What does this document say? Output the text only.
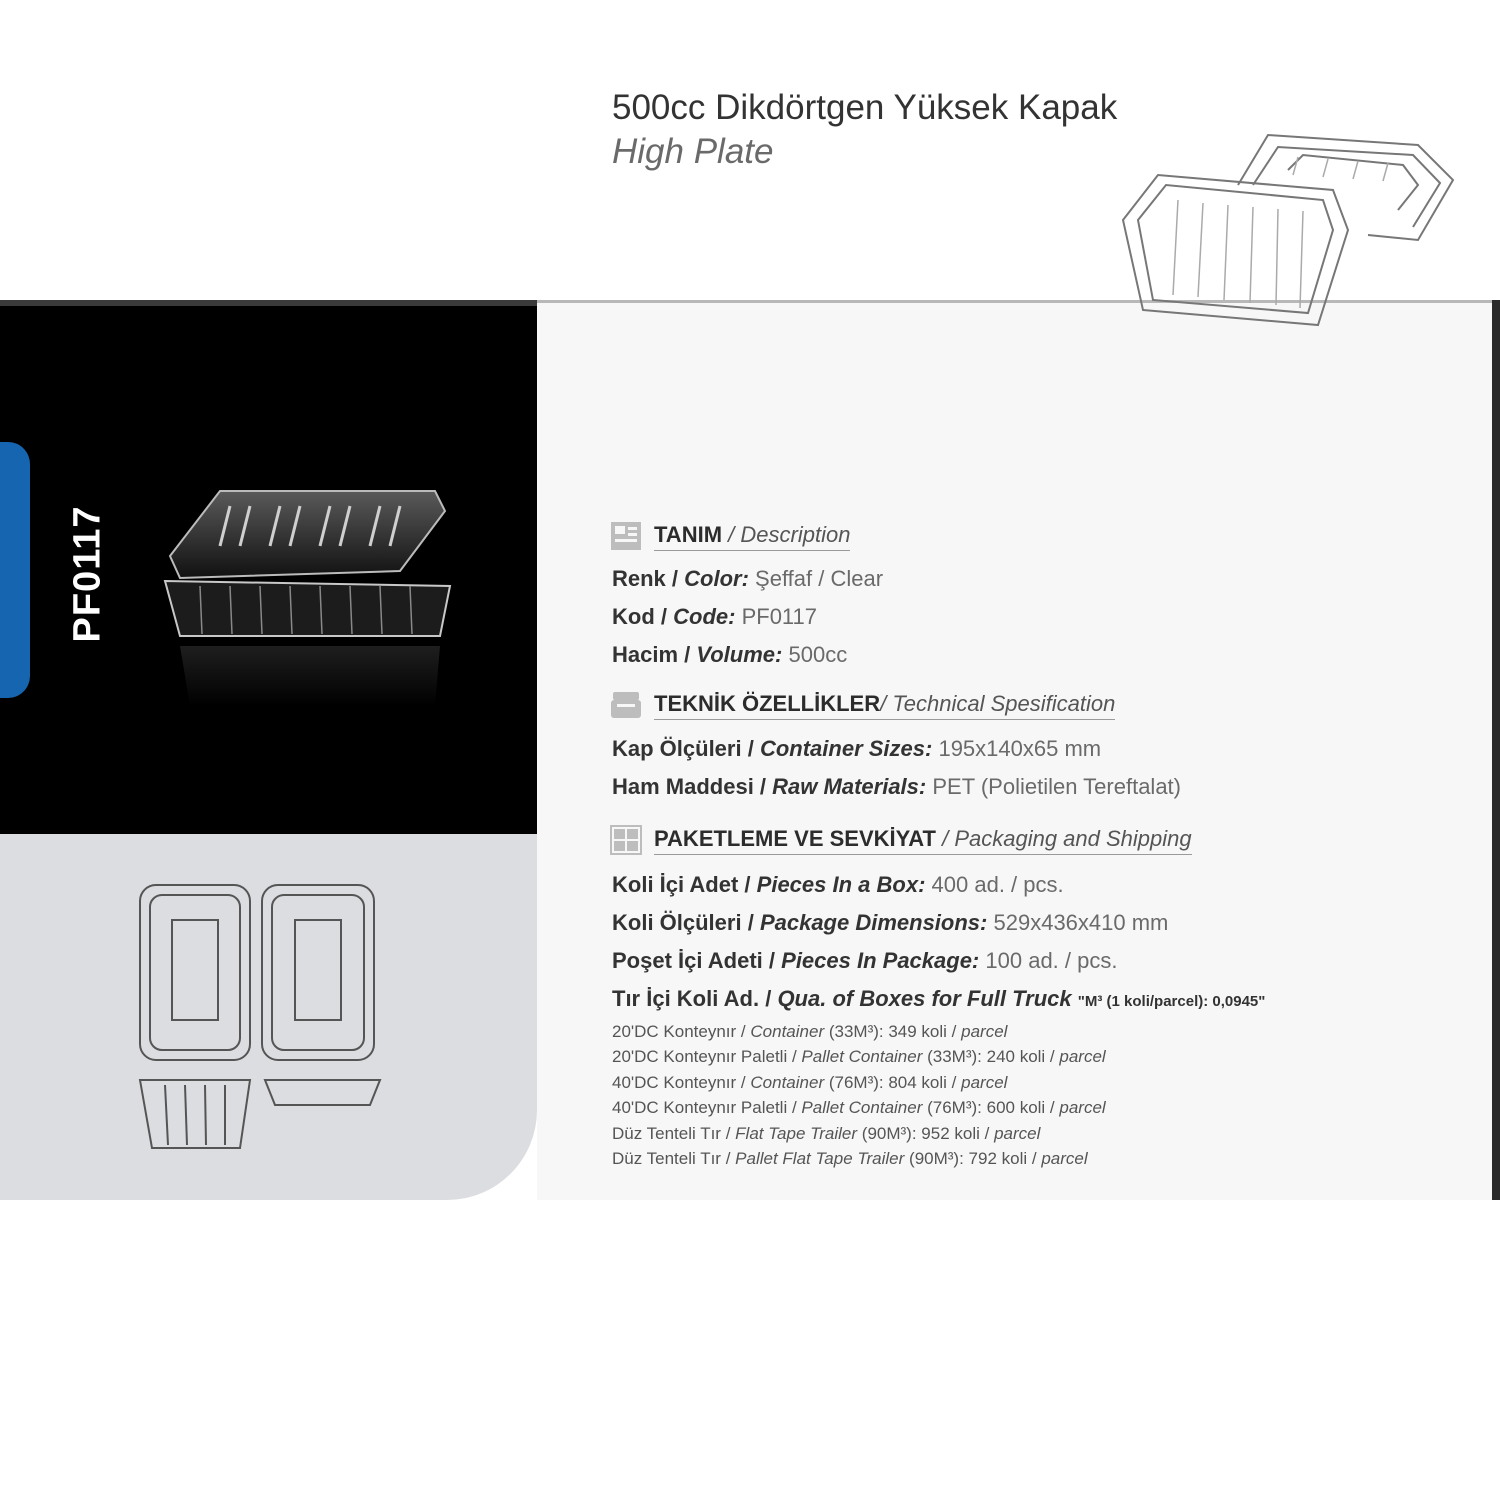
PF0117
500cc Dikdörtgen Yüksek Kapak
High Plate
TANIM / Description
Renk / Color: Şeffaf / Clear
Kod / Code: PF0117
Hacim / Volume: 500cc
TEKNİK ÖZELLİKLER/ Technical Spesification
Kap Ölçüleri / Container Sizes: 195x140x65 mm
Ham Maddesi / Raw Materials: PET (Polietilen Tereftalat)
PAKETLEME VE SEVKİYAT / Packaging and Shipping
Koli İçi Adet / Pieces In a Box: 400 ad. / pcs.
Koli Ölçüleri / Package Dimensions: 529x436x410 mm
Poşet İçi Adeti / Pieces In Package: 100 ad. / pcs.
Tır İçi Koli Ad. / Qua. of Boxes for Full Truck "M³ (1 koli/parcel): 0,0945"
20'DC Konteynır / Container (33M³): 349 koli / parcel
20'DC Konteynır Paletli / Pallet Container (33M³): 240 koli / parcel
40'DC Konteynır / Container (76M³): 804 koli / parcel
40'DC Konteynır Paletli / Pallet Container (76M³): 600 koli / parcel
Düz Tenteli Tır / Flat Tape Trailer (90M³): 952 koli / parcel
Düz Tenteli Tır / Pallet Flat Tape Trailer (90M³): 792 koli / parcel
